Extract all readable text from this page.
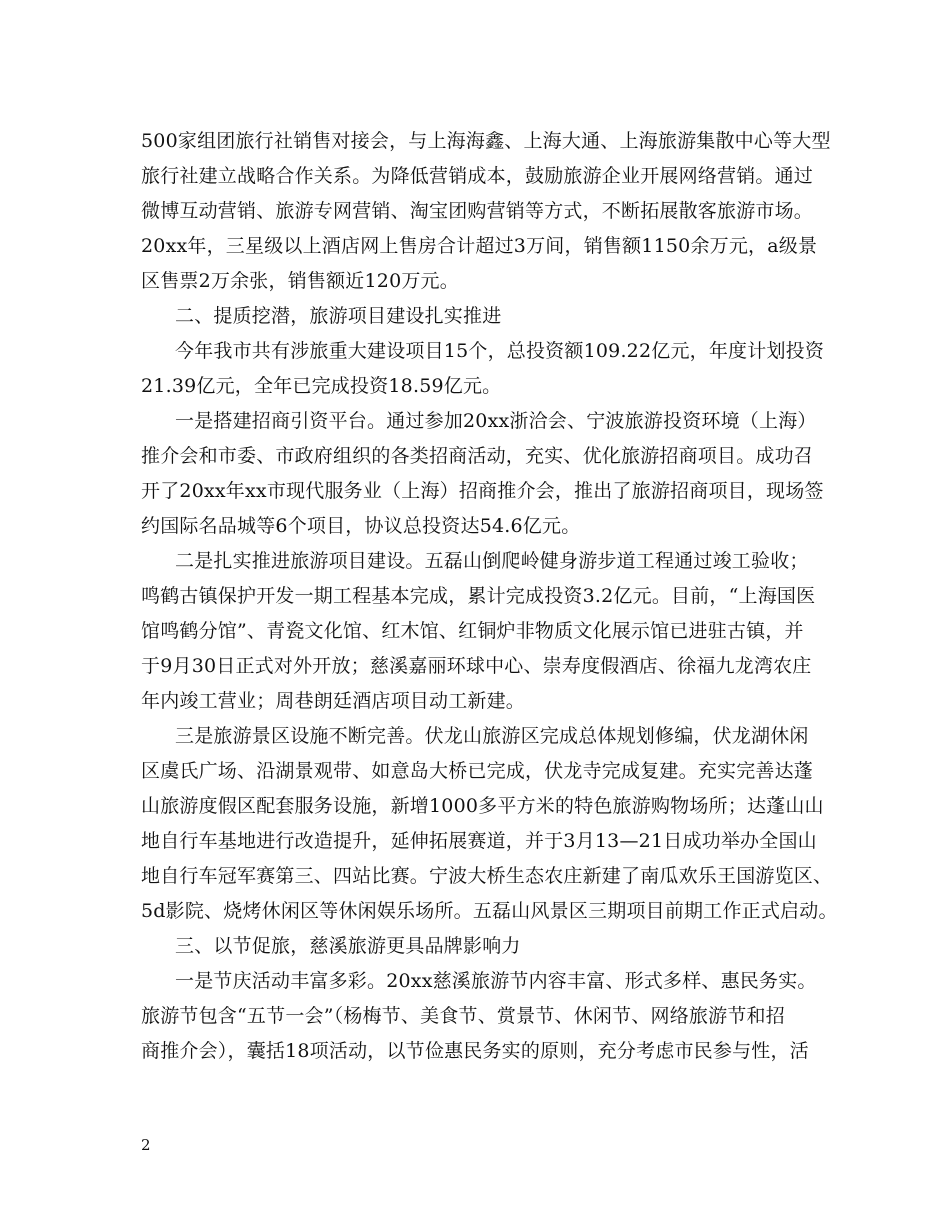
500家组团旅行社销售对接会，与上海海鑫、上海大通、上海旅游集散中心等大型
旅行社建立战略合作关系。为降低营销成本，鼓励旅游企业开展网络营销。通过
微博互动营销、旅游专网营销、淘宝团购营销等方式，不断拓展散客旅游市场。
20xx年，三星级以上酒店网上售房合计超过3万间，销售额1150余万元，a级景
区售票2万余张，销售额近120万元。
二、提质挖潜，旅游项目建设扎实推进
今年我市共有涉旅重大建设项目15个，总投资额109.22亿元，年度计划投资
21.39亿元，全年已完成投资18.59亿元。
一是搭建招商引资平台。通过参加20xx浙洽会、宁波旅游投资环境（上海）
推介会和市委、市政府组织的各类招商活动，充实、优化旅游招商项目。成功召
开了20xx年xx市现代服务业（上海）招商推介会，推出了旅游招商项目，现场签
约国际名品城等6个项目，协议总投资达54.6亿元。
二是扎实推进旅游项目建设。五磊山倒爬岭健身游步道工程通过竣工验收；
鸣鹤古镇保护开发一期工程基本完成，累计完成投资3.2亿元。目前，“上海国医
馆鸣鹤分馆”、青瓷文化馆、红木馆、红铜炉非物质文化展示馆已进驻古镇，并
于9月30日正式对外开放；慈溪嘉丽环球中心、崇寿度假酒店、徐福九龙湾农庄
年内竣工营业；周巷朗廷酒店项目动工新建。
三是旅游景区设施不断完善。伏龙山旅游区完成总体规划修编，伏龙湖休闲
区虞氏广场、沿湖景观带、如意岛大桥已完成，伏龙寺完成复建。充实完善达蓬
山旅游度假区配套服务设施，新增1000多平方米的特色旅游购物场所；达蓬山山
地自行车基地进行改造提升，延伸拓展赛道，并于3月13—21日成功举办全国山
地自行车冠军赛第三、四站比赛。宁波大桥生态农庄新建了南瓜欢乐王国游览区、
5d影院、烧烤休闲区等休闲娱乐场所。五磊山风景区三期项目前期工作正式启动。
三、以节促旅，慈溪旅游更具品牌影响力
一是节庆活动丰富多彩。20xx慈溪旅游节内容丰富、形式多样、惠民务实。
旅游节包含“五节一会”（杨梅节、美食节、赏景节、休闲节、网络旅游节和招
商推介会），囊括18项活动，以节俭惠民务实的原则，充分考虑市民参与性，活
2
